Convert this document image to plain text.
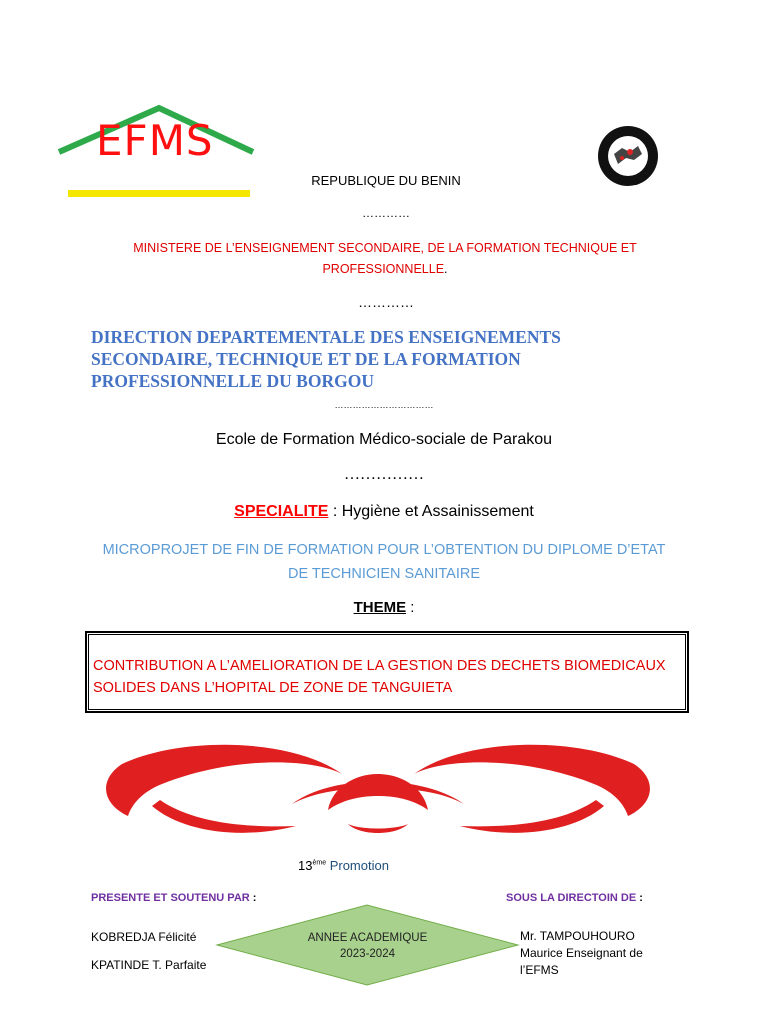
EFMS
REPUBLIQUE DU BENIN
…………
MINISTERE DE L’ENSEIGNEMENT SECONDAIRE, DE LA FORMATION TECHNIQUE ET PROFESSIONNELLE.
…………
DIRECTION DEPARTEMENTALE DES ENSEIGNEMENTS SECONDAIRE, TECHNIQUE ET DE LA FORMATION PROFESSIONNELLE DU BORGOU
……………………………
Ecole de Formation Médico-sociale de Parakou
……………
SPECIALITE : Hygiène et Assainissement
MICROPROJET DE FIN DE FORMATION POUR L’OBTENTION DU DIPLOME D’ETAT DE TECHNICIEN SANITAIRE
THEME :
CONTRIBUTION A L’AMELIORATION DE LA GESTION DES DECHETS BIOMEDICAUX SOLIDES DANS L’HOPITAL DE ZONE DE TANGUIETA
13ème Promotion
PRESENTE ET SOUTENU PAR :	SOUS LA DIRECTOIN DE :
KOBREDJA Félicité
KPATINDE T. Parfaite
ANNEE ACADEMIQUE
2023-2024
Mr. TAMPOUHOURO Maurice Enseignant de l’EFMS
